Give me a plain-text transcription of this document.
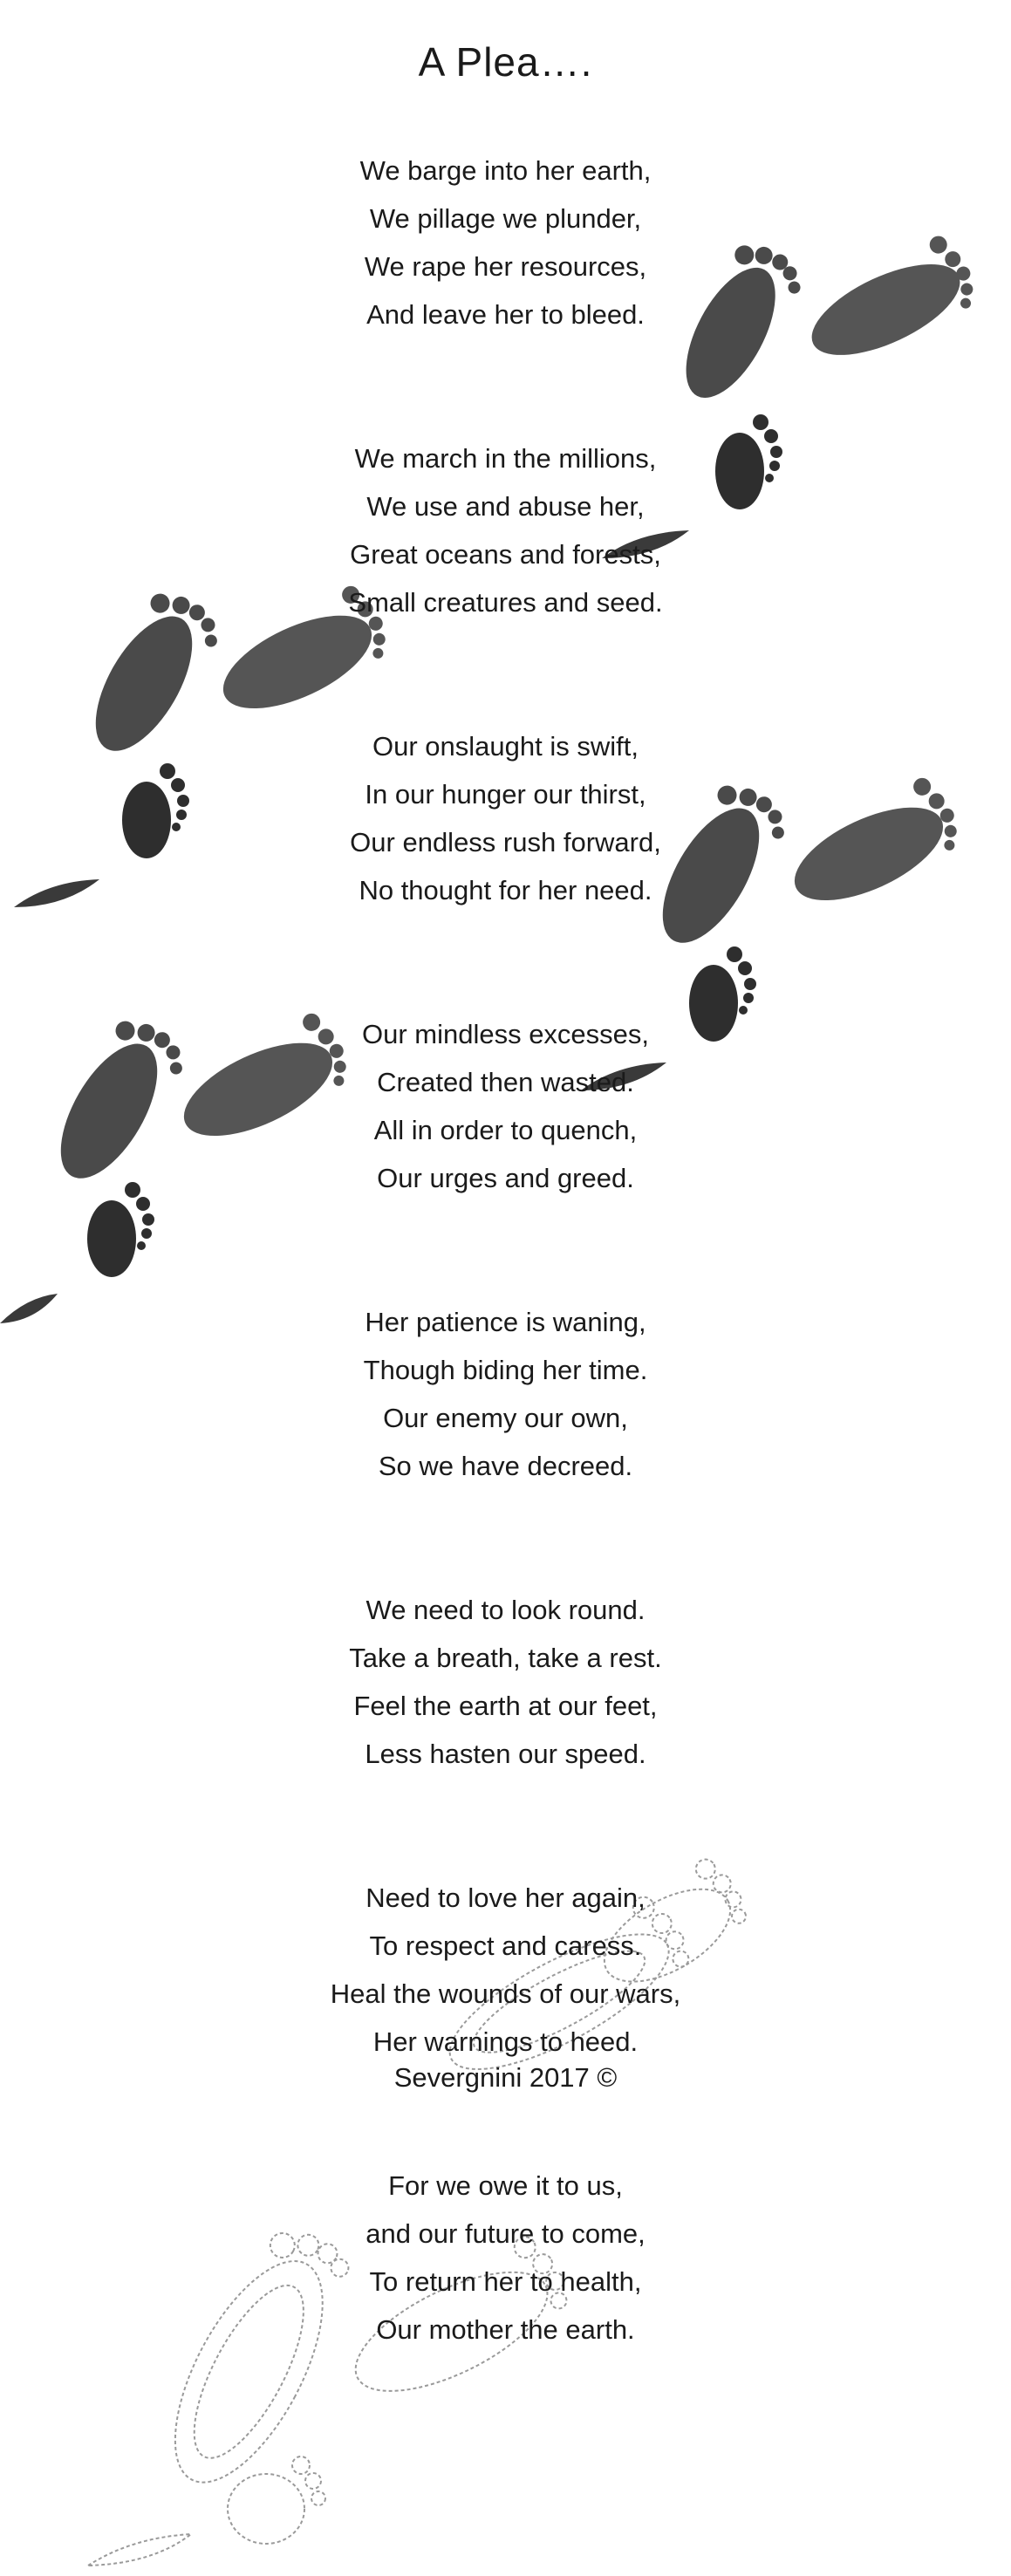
A Plea….
We barge into her earth,
We pillage we plunder,
We rape her resources,
And leave her to bleed.
We march in the millions,
We use and abuse her,
Great oceans and forests,
Small creatures and seed.
Our onslaught is swift,
In our hunger our thirst,
Our endless rush forward,
No thought for her need.
Our mindless excesses,
Created then wasted.
All in order to quench,
Our urges and greed.
Her patience is waning,
Though biding her time.
Our enemy our own,
So we have decreed.
We need to look round.
Take a breath, take a rest.
Feel the earth at our feet,
Less hasten our speed.
Need to love her again,
To respect and caress.
Heal the wounds of our wars,
Her warnings to heed.
For we owe it to us,
and our future to come,
To return her to health,
Our mother the earth.
Severgnini 2017 ©
